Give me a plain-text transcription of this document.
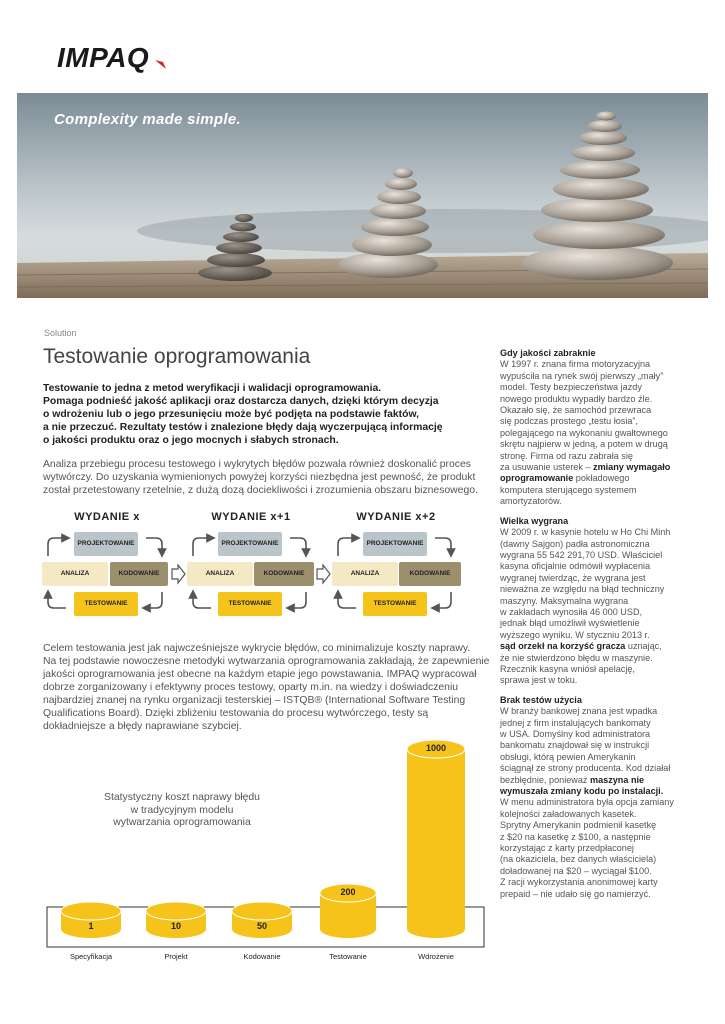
IMPAQ
Complexity made simple.
Solution
Testowanie oprogramowania
Testowanie to jedna z metod weryfikacji i walidacji oprogramowania.
Pomaga podnieść jakość aplikacji oraz dostarcza danych, dzięki którym decyzja
o wdrożeniu lub o jego przesunięciu może być podjęta na podstawie faktów,
a nie przeczuć. Rezultaty testów i znalezione błędy dają wyczerpującą informację
o jakości produktu oraz o jego mocnych i słabych stronach.
Analiza przebiegu procesu testowego i wykrytych błędów pozwala również doskonalić proces
wytwórczy. Do uzyskania wymienionych powyżej korzyści niezbędna jest pewność, że produkt
został przetestowany rzetelnie, z dużą dozą dociekliwości i zrozumienia obszaru biznesowego.
WYDANIE x	WYDANIE x+1	WYDANIE x+2
PROJEKTOWANIE
ANALIZA	KODOWANIE
TESTOWANIE
PROJEKTOWANIE
ANALIZA	KODOWANIE
TESTOWANIE
PROJEKTOWANIE
ANALIZA	KODOWANIE
TESTOWANIE
Celem testowania jest jak najwcześniejsze wykrycie błędów, co minimalizuje koszty naprawy.
Na tej podstawie nowoczesne metodyki wytwarzania oprogramowania zakładają, że zapewnienie
jakości oprogramowania jest obecne na każdym etapie jego powstawania. IMPAQ wypracował
dobrze zorganizowany i efektywny proces testowy, oparty m.in. na wiedzy i doświadczeniu
najbardziej znanej na rynku organizacji testerskiej – ISTQB® (International Software Testing
Qualifications Board). Dzięki zbliżeniu testowania do procesu wytwórczego, testy są
dokładniejsze a błędy naprawiane szybciej.
Statystyczny koszt naprawy błędu
w tradycyjnym modelu
wytwarzania oprogramowania
1
Specyfikacja
10
Projekt
50
Kodowanie
200
Testowanie
1000
Wdrożenie
Gdy jakości zabraknie
W 1997 r. znana firma motoryzacyjna
wypuściła na rynek swój pierwszy „mały”
model. Testy bezpieczeństwa jazdy
nowego produktu wypadły bardzo źle.
Okazało się, że samochód przewraca
się podczas prostego „testu łosia”,
polegającego na wykonaniu gwałtownego
skrętu najpierw w jedną, a potem w drugą
stronę. Firma od razu zabrała się
za usuwanie usterek – zmiany wymagało
oprogramowanie pokładowego
komputera sterującego systemem
amortyzatorów.
Wielka wygrana
W 2009 r. w kasynie hotelu w Ho Chi Minh
(dawny Sajgon) padła astronomiczna
wygrana 55 542 291,70 USD. Właściciel
kasyna oficjalnie odmówił wypłacenia
wygranej twierdząc, że wygrana jest
nieważna ze względu na błąd techniczny
maszyny. Maksymalna wygrana
w zakładach wynosiła 46 000 USD,
jednak błąd umożliwił wyświetlenie
wyższego wyniku. W styczniu 2013 r.
sąd orzekł na korzyść gracza uznając,
że nie stwierdzono błędu w maszynie.
Rzecznik kasyna wniósł apelację,
sprawa jest w toku.
Brak testów użycia
W branży bankowej znana jest wpadka
jednej z firm instalujących bankomaty
w USA. Domyślny kod administratora
bankomatu znajdował się w instrukcji
obsługi, którą pewien Amerykanin
ściągnął ze strony producenta. Kod działał
bezbłędnie, ponieważ maszyna nie
wymuszała zmiany kodu po instalacji.
W menu administratora była opcja zamiany
kolejności załadowanych kasetek.
Sprytny Amerykanin podmienił kasetkę
z $20 na kasetkę z $100, a następnie
korzystając z karty przedpłaconej
(na okaziciela, bez danych właściciela)
doładowanej na $20 – wyciągał $100.
Z racji wykorzystania anonimowej karty
prepaid – nie udało się go namierzyć.
